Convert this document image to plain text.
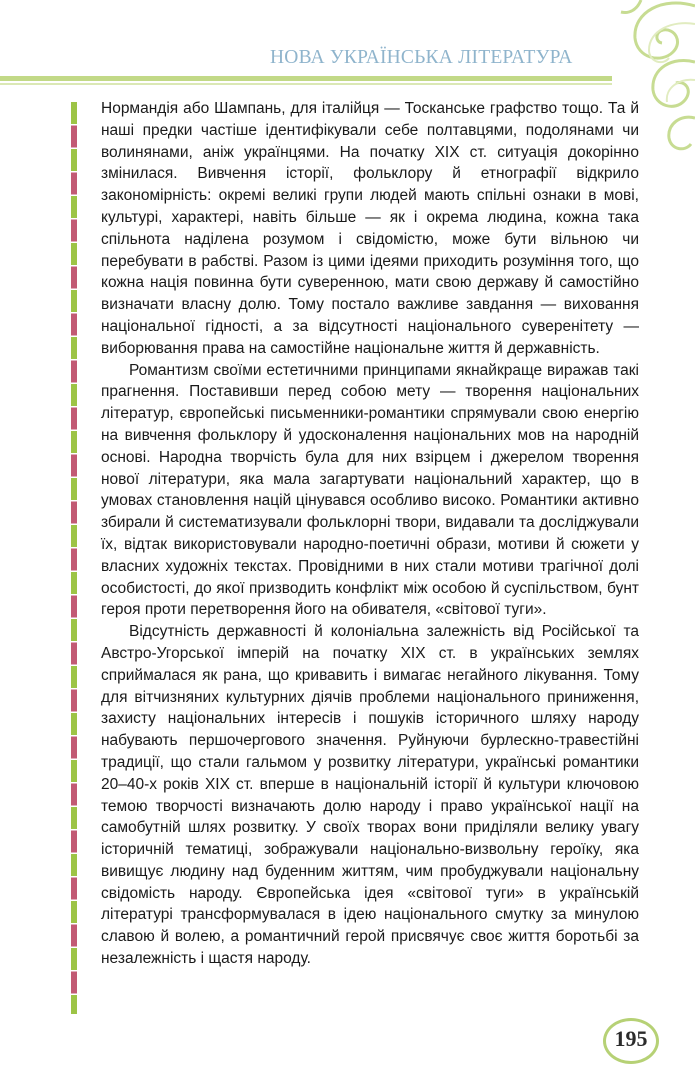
НОВА УКРАЇНСЬКА ЛІТЕРАТУРА

Нормандія або Шампань, для італійця — Тосканське графство тощо. Та й наші предки частіше ідентифікували себе полтавцями, подолянами чи волинянами, аніж українцями. На початку XIX ст. ситуація докорінно змінилася. Вивчення історії, фольклору й етнографії відкрило закономірність: окремі великі групи людей мають спільні ознаки в мові, культурі, характері, навіть більше — як і окрема людина, кожна така спільнота наділена розумом і свідомістю, може бути вільною чи перебувати в рабстві. Разом із цими ідеями приходить розуміння того, що кожна нація повинна бути суверенною, мати свою державу й самостійно визначати власну долю. Тому постало важливе завдання — виховання національної гідності, а за відсутності національного суверенітету — виборювання права на самостійне національне життя й державність.

Романтизм своїми естетичними принципами якнайкраще виражав такі прагнення. Поставивши перед собою мету — творення національних літератур, європейські письменники-романтики спрямували свою енергію на вивчення фольклору й удосконалення національних мов на народній основі. Народна творчість була для них взірцем і джерелом творення нової літератури, яка мала загартувати національний характер, що в умовах становлення націй цінувався особливо високо. Романтики активно збирали й систематизували фольклорні твори, видавали та досліджували їх, відтак використовували народно-поетичні образи, мотиви й сюжети у власних художніх текстах. Провідними в них стали мотиви трагічної долі особистості, до якої призводить конфлікт між особою й суспільством, бунт героя проти перетворення його на обивателя, «світової туги».

Відсутність державності й колоніальна залежність від Російської та Австро-Угорської імперій на початку XIX ст. в українських землях сприймалася як рана, що кривавить і вимагає негайного лікування. Тому для вітчизняних культурних діячів проблеми національного приниження, захисту національних інтересів і пошуків історичного шляху народу набувають першочергового значення. Руйнуючи бурлескно-травестійні традиції, що стали гальмом у розвитку літератури, українські романтики 20–40-х років XIX ст. вперше в національній історії й культури ключовою темою творчості визначають долю народу і право української нації на самобутній шлях розвитку. У своїх творах вони приділяли велику увагу історичній тематиці, зображували національно-визвольну героїку, яка вивищує людину над буденним життям, чим пробуджували національну свідомість народу. Європейська ідея «світової туги» в українській літературі трансформувалася в ідею національного смутку за минулою славою й волею, а романтичний герой присвячує своє життя боротьбі за незалежність і щастя народу.

195
